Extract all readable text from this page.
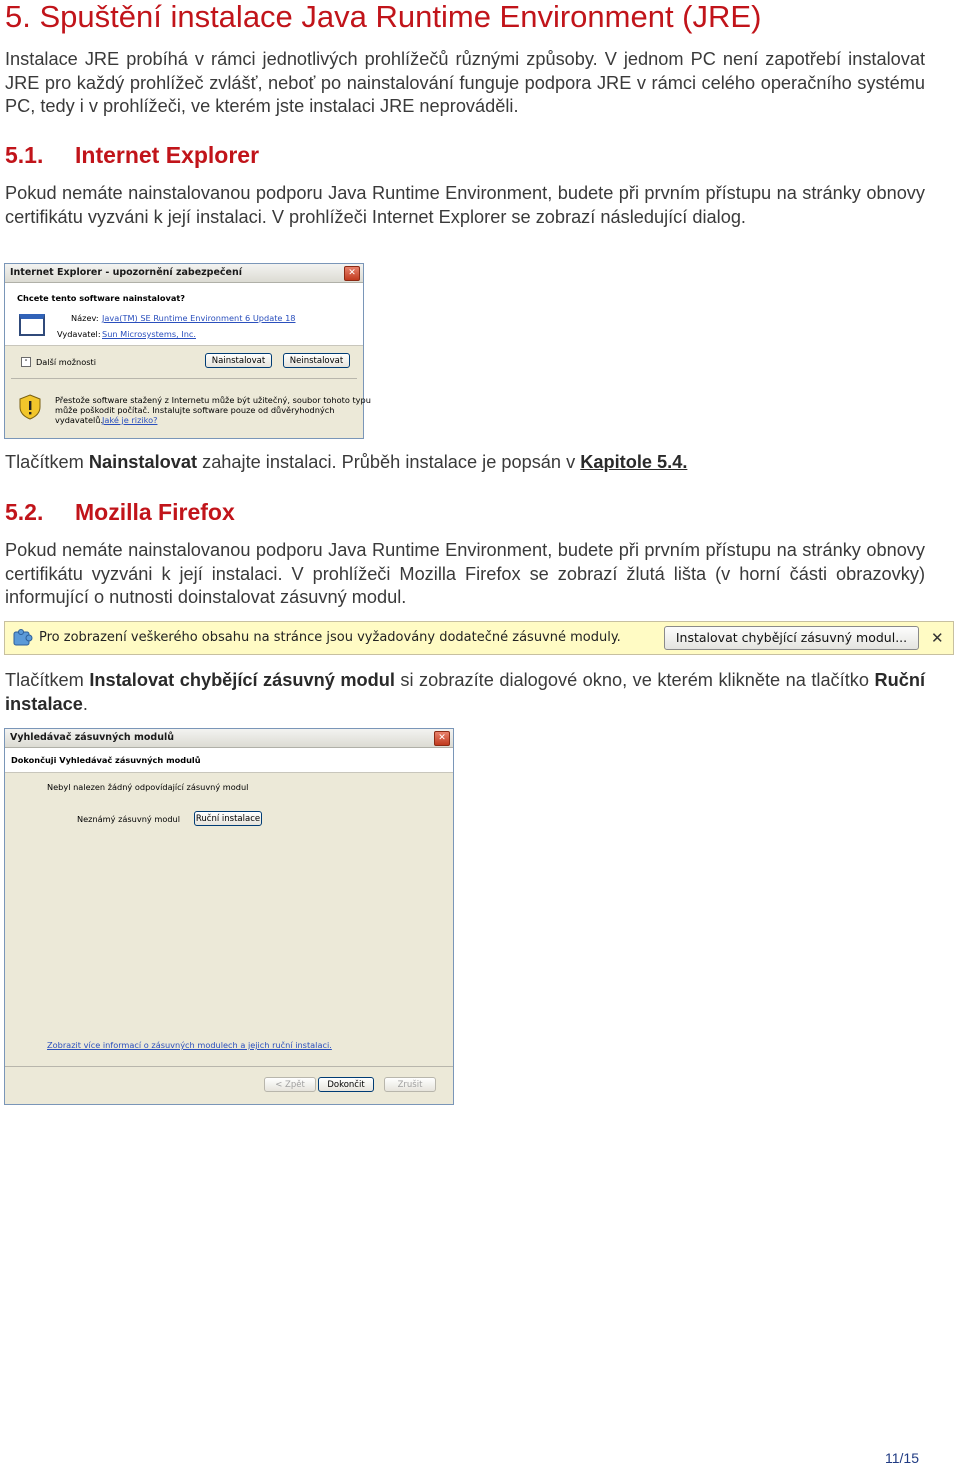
5. Spuštění instalace Java Runtime Environment (JRE)
Instalace JRE probíhá v rámci jednotlivých prohlížečů různými způsoby. V jednom PC není zapotřebí instalovat JRE pro každý prohlížeč zvlášť, neboť po nainstalování funguje podpora JRE v rámci celého operačního systému PC, tedy i v prohlížeči, ve kterém jste instalaci JRE neprováděli.
5.1. Internet Explorer
Pokud nemáte nainstalovanou podporu Java Runtime Environment, budete při prvním přístupu na stránky obnovy certifikátu vyzváni k její instalaci. V prohlížeči Internet Explorer se zobrazí následující dialog.
Internet Explorer - upozornění zabezpečení	✕
Chcete tento software nainstalovat?
Název: Java(TM) SE Runtime Environment 6 Update 18
Vydavatel: Sun Microsystems, Inc.
˅	Další možnosti	Nainstalovat	Neinstalovat
Přestože software stažený z Internetu může být užitečný, soubor tohoto typu
může poškodit počítač. Instalujte software pouze od důvěryhodných
vydavatelů.
Jaké je riziko?
Tlačítkem Nainstalovat zahajte instalaci. Průběh instalace je popsán v Kapitole 5.4.
5.2. Mozilla Firefox
Pokud nemáte nainstalovanou podporu Java Runtime Environment, budete při prvním přístupu na stránky obnovy certifikátu vyzváni k její instalaci. V prohlížeči Mozilla Firefox se zobrazí žlutá lišta (v horní části obrazovky) informující o nutnosti doinstalovat zásuvný modul.
Pro zobrazení veškerého obsahu na stránce jsou vyžadovány dodatečné zásuvné moduly.	Instalovat chybějící zásuvný modul...	✕
Tlačítkem Instalovat chybějící zásuvný modul si zobrazíte dialogové okno, ve kterém klikněte na tlačítko Ruční instalace.
Vyhledávač zásuvných modulů	✕
Dokončuji Vyhledávač zásuvných modulů
Nebyl nalezen žádný odpovídající zásuvný modul
Neznámý zásuvný modul Ruční instalace
Zobrazit více informací o zásuvných modulech a jejich ruční instalaci.
< Zpět	Dokončit	Zrušit
11/15
